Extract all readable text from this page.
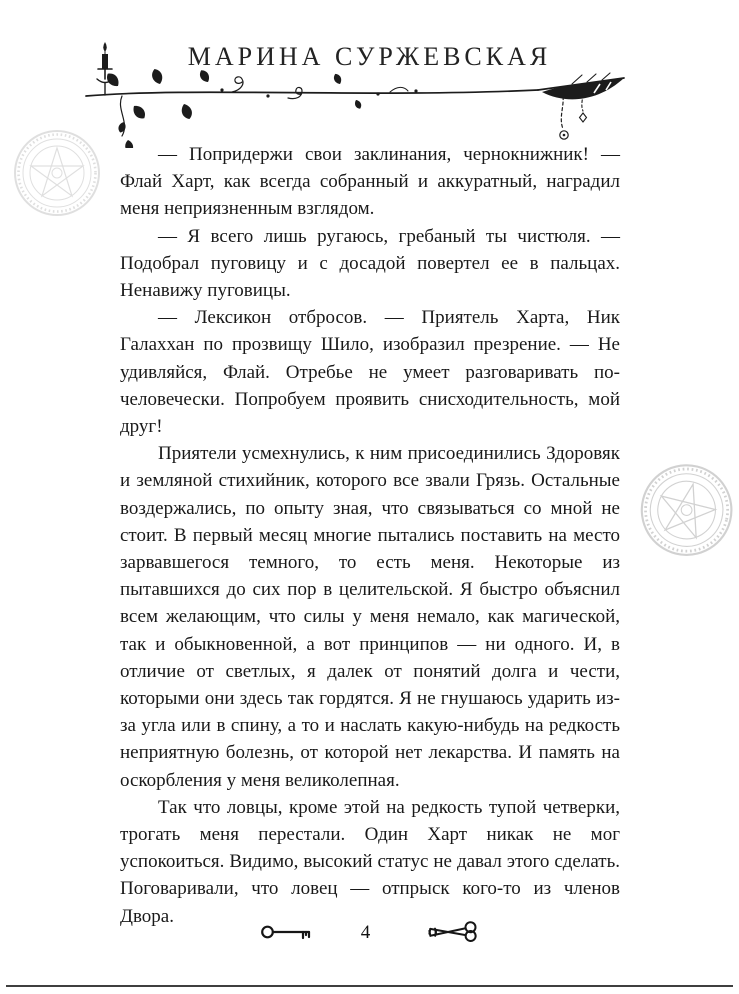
МАРИНА СУРЖЕВСКАЯ

— Попридержи свои заклинания, чернокнижник! — Флай Харт, как всегда собранный и аккуратный, наградил меня неприязненным взглядом.

— Я всего лишь ругаюсь, гребаный ты чистюля. — Подобрал пуговицу и с досадой повертел ее в пальцах. Ненавижу пуговицы.

— Лексикон отбросов. — Приятель Харта, Ник Галаххан по прозвищу Шило, изобразил презрение. — Не удивляйся, Флай. Отребье не умеет разговаривать по-человечески. Попробуем проявить снисходительность, мой друг!

Приятели усмехнулись, к ним присоединились Здоровяк и земляной стихийник, которого все звали Грязь. Остальные воздержались, по опыту зная, что связываться со мной не стоит. В первый месяц многие пытались поставить на место зарвавшегося темного, то есть меня. Некоторые из пытавшихся до сих пор в целительской. Я быстро объяснил всем желающим, что силы у меня немало, как магической, так и обыкновенной, а вот принципов — ни одного. И, в отличие от светлых, я далек от понятий долга и чести, которыми они здесь так гордятся. Я не гнушаюсь ударить из-за угла или в спину, а то и наслать какую-нибудь на редкость неприятную болезнь, от которой нет лекарства. И память на оскорбления у меня великолепная.

Так что ловцы, кроме этой на редкость тупой четверки, трогать меня перестали. Один Харт никак не мог успокоиться. Видимо, высокий статус не давал этого сделать. Поговаривали, что ловец — отпрыск кого-то из членов Двора.

4
